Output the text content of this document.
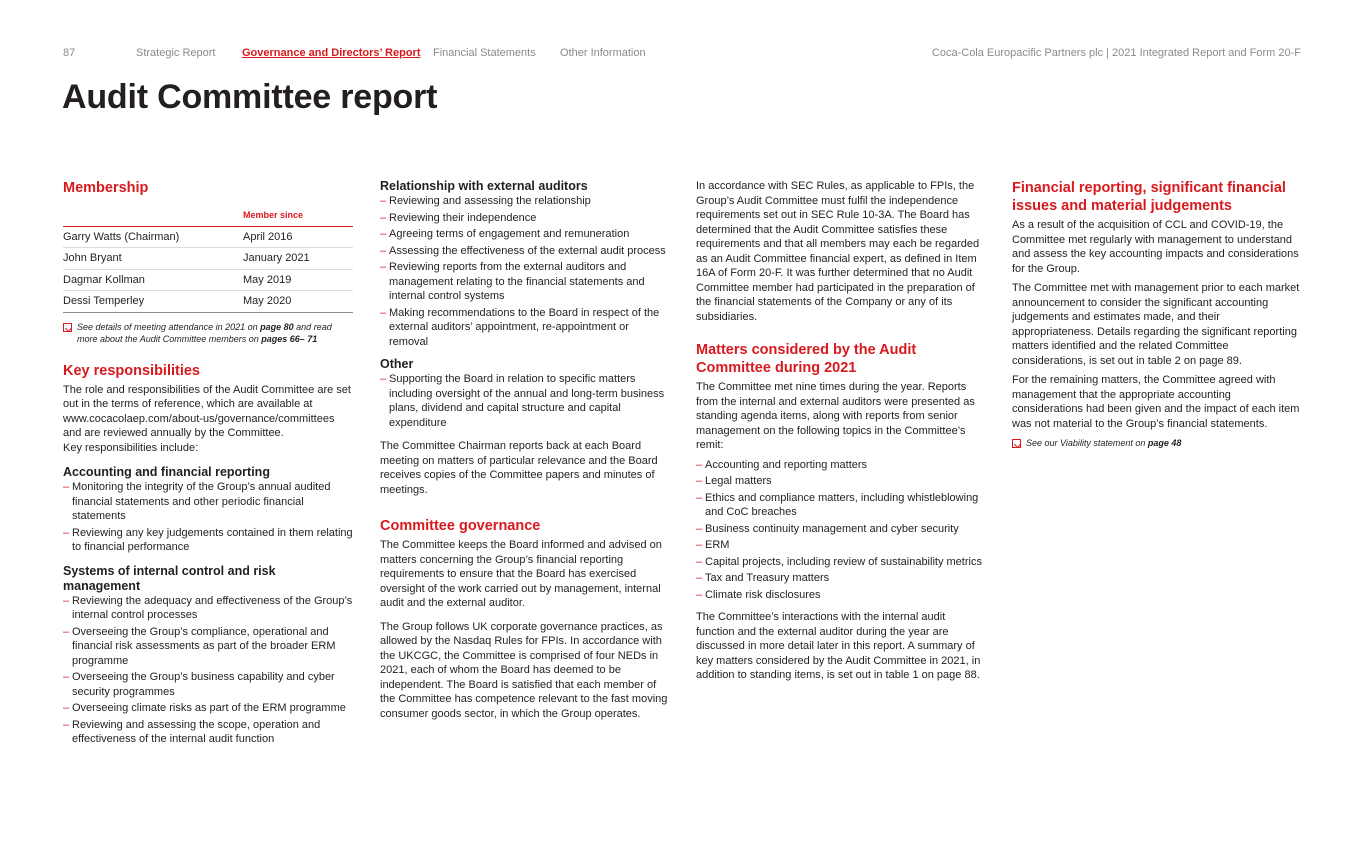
87	Strategic Report Governance and Directors’ Report Financial Statements Other Information	Coca-Cola Europacific Partners plc | 2021 Integrated Report and Form 20-F
Audit Committee report
Membership
	Member since
Garry Watts (Chairman)	April 2016
John Bryant	January 2021
Dagmar Kollman	May 2019
Dessi Temperley	May 2020
See details of meeting attendance in 2021 on page 80 and read more about the Audit Committee members on pages 66– 71
Key responsibilities

The role and responsibilities of the Audit Committee are set out in the terms of reference, which are available at www.cocacolaep.com/about-us/governance/committees and are reviewed annually by the Committee.

Key responsibilities include:

Accounting and financial reporting
– Monitoring the integrity of the Group’s annual audited financial statements and other periodic financial statements
– Reviewing any key judgements contained in them relating to financial performance
Systems of internal control and risk management
– Reviewing the adequacy and effectiveness of the Group’s internal control processes
– Overseeing the Group’s compliance, operational and financial risk assessments as part of the broader ERM programme
– Overseeing the Group’s business capability and cyber security programmes
– Overseeing climate risks as part of the ERM programme
– Reviewing and assessing the scope, operation and effectiveness of the internal audit function
Relationship with external auditors
– Reviewing and assessing the relationship
– Reviewing their independence
– Agreeing terms of engagement and remuneration
– Assessing the effectiveness of the external audit process
– Reviewing reports from the external auditors and management relating to the financial statements and internal control systems
– Making recommendations to the Board in respect of the external auditors’ appointment, re-appointment or removal
Other
– Supporting the Board in relation to specific matters including oversight of the annual and long-term business plans, dividend and capital structure and capital expenditure

The Committee Chairman reports back at each Board meeting on matters of particular relevance and the Board receives copies of the Committee papers and minutes of meetings.

Committee governance

The Committee keeps the Board informed and advised on matters concerning the Group’s financial reporting requirements to ensure that the Board has exercised oversight of the work carried out by management, internal audit and the external auditor.

The Group follows UK corporate governance practices, as allowed by the Nasdaq Rules for FPIs. In accordance with the UKCGC, the Committee is comprised of four NEDs in 2021, each of whom the Board has deemed to be independent. The Board is satisfied that each member of the Committee has competence relevant to the fast moving consumer goods sector, in which the Group operates.

In accordance with SEC Rules, as applicable to FPIs, the Group’s Audit Committee must fulfil the independence requirements set out in SEC Rule 10-3A. The Board has determined that the Audit Committee satisfies these requirements and that all members may each be regarded as an Audit Committee financial expert, as defined in Item 16A of Form 20-F. It was further determined that no Audit Committee member had participated in the preparation of the financial statements of the Company or any of its subsidiaries.

Matters considered by the Audit Committee during 2021

The Committee met nine times during the year. Reports from the internal and external auditors were presented as standing agenda items, along with reports from senior management on the following topics in the Committee’s remit:

– Accounting and reporting matters
– Legal matters
– Ethics and compliance matters, including whistleblowing and CoC breaches
– Business continuity management and cyber security
– ERM
– Capital projects, including review of sustainability metrics
– Tax and Treasury matters
– Climate risk disclosures

The Committee’s interactions with the internal audit function and the external auditor during the year are discussed in more detail later in this report. A summary of key matters considered by the Audit Committee in 2021, in addition to standing items, is set out in table 1 on page 88.

Financial reporting, significant financial issues and material judgements

As a result of the acquisition of CCL and COVID-19, the Committee met regularly with management to understand and assess the key accounting impacts and considerations for the Group.

The Committee met with management prior to each market announcement to consider the significant accounting judgements and estimates made, and their appropriateness. Details regarding the significant reporting matters identified and the related Committee considerations, is set out in table 2 on page 89.

For the remaining matters, the Committee agreed with management that the appropriate accounting considerations had been given and the impact of each item was not material to the Group’s financial statements.

See our Viability statement on page 48
